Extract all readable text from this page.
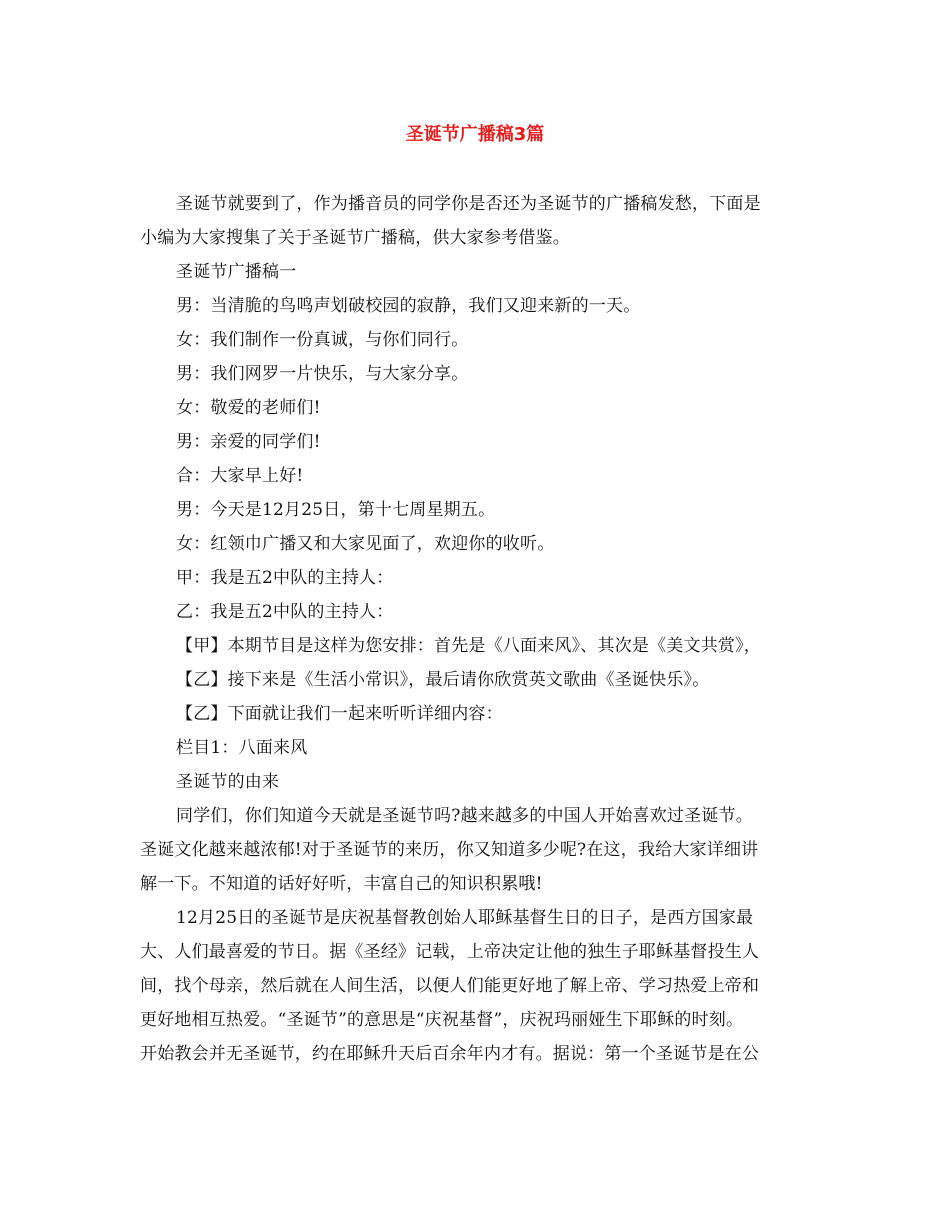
圣诞节广播稿3篇

圣诞节就要到了，作为播音员的同学你是否还为圣诞节的广播稿发愁，下面是

小编为大家搜集了关于圣诞节广播稿，供大家参考借鉴。

圣诞节广播稿一

男：当清脆的鸟鸣声划破校园的寂静，我们又迎来新的一天。

女：我们制作一份真诚，与你们同行。

男：我们网罗一片快乐，与大家分享。

女：敬爱的老师们!

男：亲爱的同学们!

合：大家早上好!

男：今天是12月25日，第十七周星期五。

女：红领巾广播又和大家见面了，欢迎你的收听。

甲：我是五2中队的主持人：

乙：我是五2中队的主持人：

【甲】本期节目是这样为您安排：首先是《八面来风》、其次是《美文共赏》，

【乙】接下来是《生活小常识》，最后请你欣赏英文歌曲《圣诞快乐》。

【乙】下面就让我们一起来听听详细内容：

栏目1：八面来风

圣诞节的由来

同学们，你们知道今天就是圣诞节吗?越来越多的中国人开始喜欢过圣诞节。

圣诞文化越来越浓郁!对于圣诞节的来历，你又知道多少呢?在这，我给大家详细讲

解一下。不知道的话好好听，丰富自己的知识积累哦!

12月25日的圣诞节是庆祝基督教创始人耶稣基督生日的日子，是西方国家最

大、人们最喜爱的节日。据《圣经》记载，上帝决定让他的独生子耶稣基督投生人

间，找个母亲，然后就在人间生活，以便人们能更好地了解上帝、学习热爱上帝和

更好地相互热爱。“圣诞节”的意思是“庆祝基督”，庆祝玛丽娅生下耶稣的时刻。

开始教会并无圣诞节，约在耶稣升天后百余年内才有。据说：第一个圣诞节是在公
